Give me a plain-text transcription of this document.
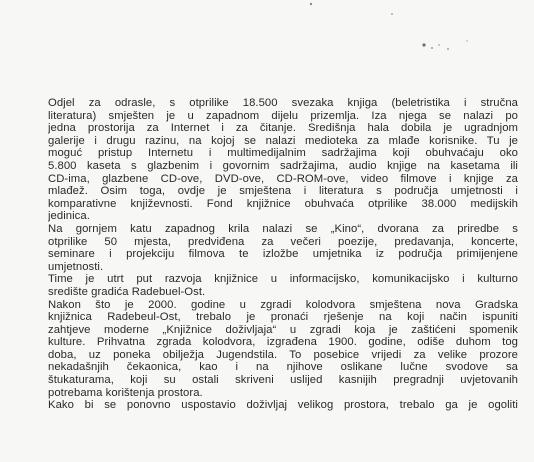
Odjel za odrasle, s otprilike 18.500 svezaka knjiga (beletristika i stručna
literatura) smješten je u zapadnom dijelu prizemlja. Iza njega se nalazi po
jedna prostorija za Internet i za čitanje. Središnja hala dobila je ugradnjom
galerije i drugu razinu, na kojoj se nalazi medioteka za mlađe korisnike. Tu je
moguć pristup Internetu i multimedijalnim sadržajima koji obuhvaćaju oko
5.800 kaseta s glazbenim i govornim sadržajima, audio knjige na kasetama ili
CD-ima, glazbene CD-ove, DVD-ove, CD-ROM-ove, video filmove i knjige za
mlađež. Osim toga, ovdje je smještena i literatura s područja umjetnosti i
komparativne književnosti. Fond knjižnice obuhvaća otprilike 38.000 medijskih
jedinica.
Na gornjem katu zapadnog krila nalazi se „Kino“, dvorana za priredbe s
otprilike 50 mjesta, predviđena za večeri poezije, predavanja, koncerte,
seminare i projekciju filmova te izložbe umjetnika iz područja primijenjene
umjetnosti.
Time je utrt put razvoja knjižnice u informacijsko, komunikacijsko i kulturno
središte gradića Radebuel-Ost.
Nakon što je 2000. godine u zgradi kolodvora smještena nova Gradska
knjižnica Radebeul-Ost, trebalo je pronaći rješenje na koji način ispuniti
zahtjeve moderne „Knjižnice doživljaja“ u zgradi koja je zaštićeni spomenik
kulture. Prihvatna zgrada kolodvora, izgrađena 1900. godine, odiše duhom tog
doba, uz poneka obilježja Jugendstila. To posebice vrijedi za velike prozore
nekadašnjih čekaonica, kao i na njihove oslikane lučne svodove sa
štukaturama, koji su ostali skriveni uslijed kasnijih pregradnji uvjetovanih
potrebama korištenja prostora.
Kako bi se ponovno uspostavio doživljaj velikog prostora, trebalo ga je ogoliti
